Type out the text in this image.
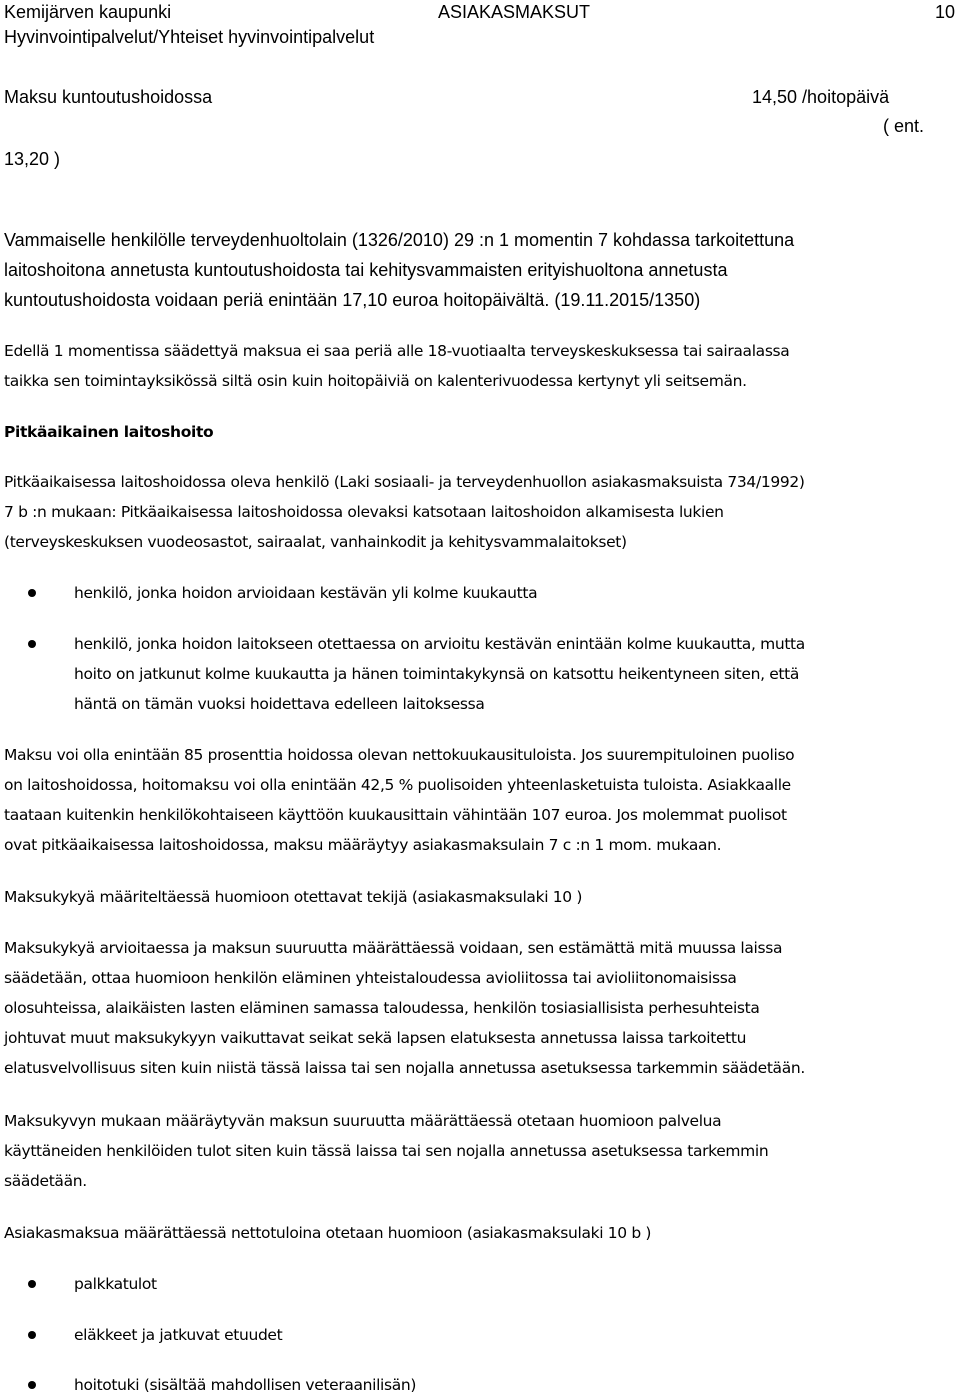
Kemijärven kaupunki
Hyvinvointipalvelut/Yhteiset hyvinvointipalvelut
ASIAKASMAKSUT	10
Maksu kuntoutushoidossa	14,50 /hoitopäivä
( ent.
13,20 )
Vammaiselle henkilölle terveydenhuoltolain (1326/2010) 29 :n 1 momentin 7 kohdassa tarkoitettuna
laitoshoitona annetusta kuntoutushoidosta tai kehitysvammaisten erityishuoltona annetusta
kuntoutushoidosta voidaan periä enintään 17,10 euroa hoitopäivältä. (19.11.2015/1350)
Edellä 1 momentissa säädettyä maksua ei saa periä alle 18-vuotiaalta terveyskeskuksessa tai sairaalassa
taikka sen toimintayksikössä siltä osin kuin hoitopäiviä on kalenterivuodessa kertynyt yli seitsemän.
Pitkäaikainen laitoshoito
Pitkäaikaisessa laitoshoidossa oleva henkilö (Laki sosiaali- ja terveydenhuollon asiakasmaksuista 734/1992)
7 b :n mukaan: Pitkäaikaisessa laitoshoidossa olevaksi katsotaan laitoshoidon alkamisesta lukien
(terveyskeskuksen vuodeosastot, sairaalat, vanhainkodit ja kehitysvammalaitokset)
henkilö, jonka hoidon arvioidaan kestävän yli kolme kuukautta
henkilö, jonka hoidon laitokseen otettaessa on arvioitu kestävän enintään kolme kuukautta, mutta
hoito on jatkunut kolme kuukautta ja hänen toimintakykynsä on katsottu heikentyneen siten, että
häntä on tämän vuoksi hoidettava edelleen laitoksessa
Maksu voi olla enintään 85 prosenttia hoidossa olevan nettokuukausituloista. Jos suurempituloinen puoliso
on laitoshoidossa, hoitomaksu voi olla enintään 42,5 % puolisoiden yhteenlasketuista tuloista. Asiakkaalle
taataan kuitenkin henkilökohtaiseen käyttöön kuukausittain vähintään 107 euroa. Jos molemmat puolisot
ovat pitkäaikaisessa laitoshoidossa, maksu määräytyy asiakasmaksulain 7 c :n 1 mom. mukaan.
Maksukykyä määriteltäessä huomioon otettavat tekijä (asiakasmaksulaki 10 )
Maksukykyä arvioitaessa ja maksun suuruutta määrättäessä voidaan, sen estämättä mitä muussa laissa
säädetään, ottaa huomioon henkilön eläminen yhteistaloudessa avioliitossa tai avioliitonomaisissa
olosuhteissa, alaikäisten lasten eläminen samassa taloudessa, henkilön tosiasiallisista perhesuhteista
johtuvat muut maksukykyyn vaikuttavat seikat sekä lapsen elatuksesta annetussa laissa tarkoitettu
elatusvelvollisuus siten kuin niistä tässä laissa tai sen nojalla annetussa asetuksessa tarkemmin säädetään.
Maksukyvyn mukaan määräytyvän maksun suuruutta määrättäessä otetaan huomioon palvelua
käyttäneiden henkilöiden tulot siten kuin tässä laissa tai sen nojalla annetussa asetuksessa tarkemmin
säädetään.
Asiakasmaksua määrättäessä nettotuloina otetaan huomioon (asiakasmaksulaki 10 b )
palkkatulot
eläkkeet ja jatkuvat etuudet
hoitotuki (sisältää mahdollisen veteraanilisän)
